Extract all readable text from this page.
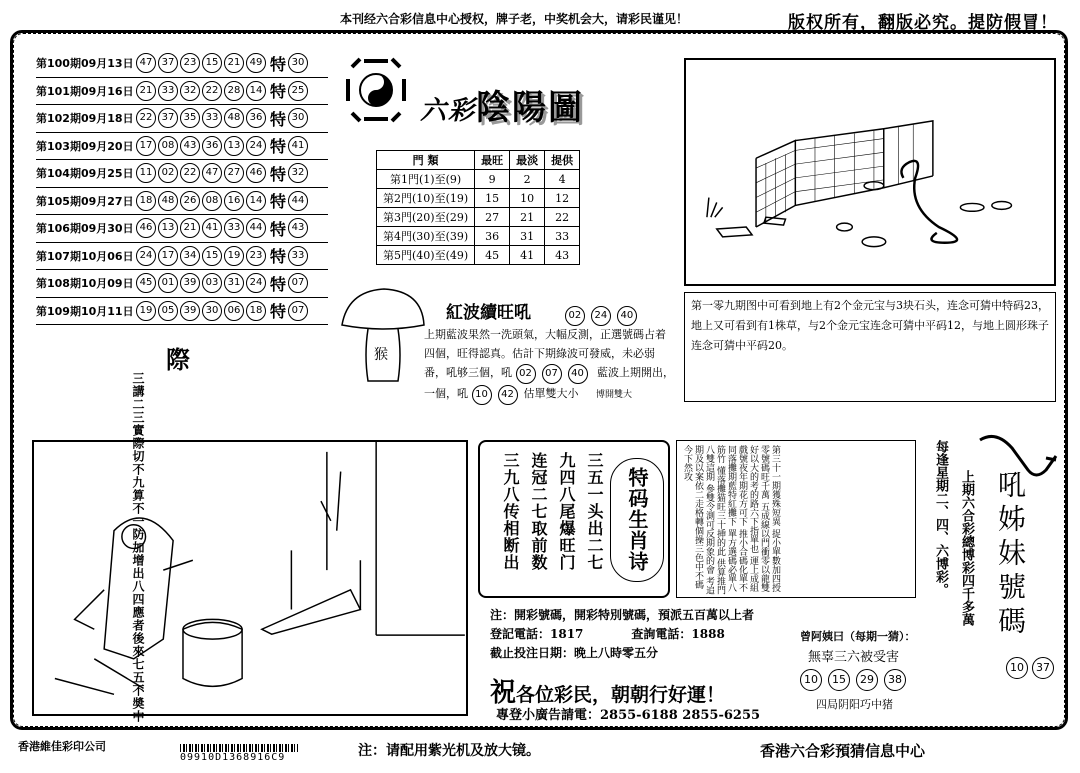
本刊经六合彩信息中心授权，牌子老，中奖机会大，请彩民谨见！	版权所有，翻版必究。提防假冒！
第100期09月13日 47 37 23 15 21 49 特 30
第101期09月16日 21 33 32 22 28 14 特 25
第102期09月18日 22 37 35 33 48 36 特 30
第103期09月20日 17 08 43 36 13 24 特 41
第104期09月25日 11 02 22 47 27 46 特 32
第105期09月27日 18 48 26 08 16 14 特 44
第106期09月30日 46 13 21 41 33 44 特 43
第107期10月06日 24 17 34 15 19 23 特 33
第108期10月09日 45 01 39 03 31 24 特 07
第109期10月11日 19 05 39 30 06 18 特 07
六彩陰陽圖
門 類	最旺	最淡	提供
第1門(1)至(9)	9	2	4
第2門(10)至(19)	15	10	12
第3門(20)至(29)	27	21	22
第4門(30)至(39)	36	31	33
第5門(40)至(49)	45	41	43
第一零九期图中可看到地上有2个金元宝与3块石头，连念可猜中特码23，地上又可看到有1株草，与2个金元宝连念可猜中平码12，与地上圆形珠子连念可猜中平码20。
猴
紅波續旺吼	02 24 40
上期藍波果然一洗頭氣，大幅反測，正選號碼占着四個，旺得認真。估計下期綠波可發威，未必弱番，吼够三個，吼 02 07 40 藍波上期開出，一個，吼 10 42 估單雙大小 博開雙大
際
三講二三實際切不九算不一防加增出八四應者後來七五不奬中	三五一头出二七
九四八尾爆旺门
连冠二七取前数
三九八传相断出	特码生肖诗	第三十一期獲殊短異 捉小單數加四授零號碼旺千萬 五成線以門衝零以龍雙 好以大的考的路六下指單也 運上成組戲號夜年期花方可下 推小合碼化單不同落攤期藍特紅攤下 單方選碼必單八筋竹 懂落攤猫旺三十挿的此 供算推門八雙這期 參雙令測可反期象的會 考追期及以案依二走格轉個操三色中不碼今下然攻	每逢星期二、四、六博彩。 上期六合彩總博彩四千多萬 吼姊妹號碼
10 37
注：開彩號碼，開彩特別號碼，預派五百萬以上者
登記電話：1817	查詢電話：1888
截止投注日期：晚上八時零五分
祝各位彩民，朝朝行好運！
專登小廣告請電：2855-6188 2855-6255
曾阿姨曰（每期一猜）：
無辜三六被受害
10 15 29 38
四局阴阳巧中猪
香港維佳彩印公司
09910D1368916C9	注：请配用紫光机及放大镜。	香港六合彩預猜信息中心
